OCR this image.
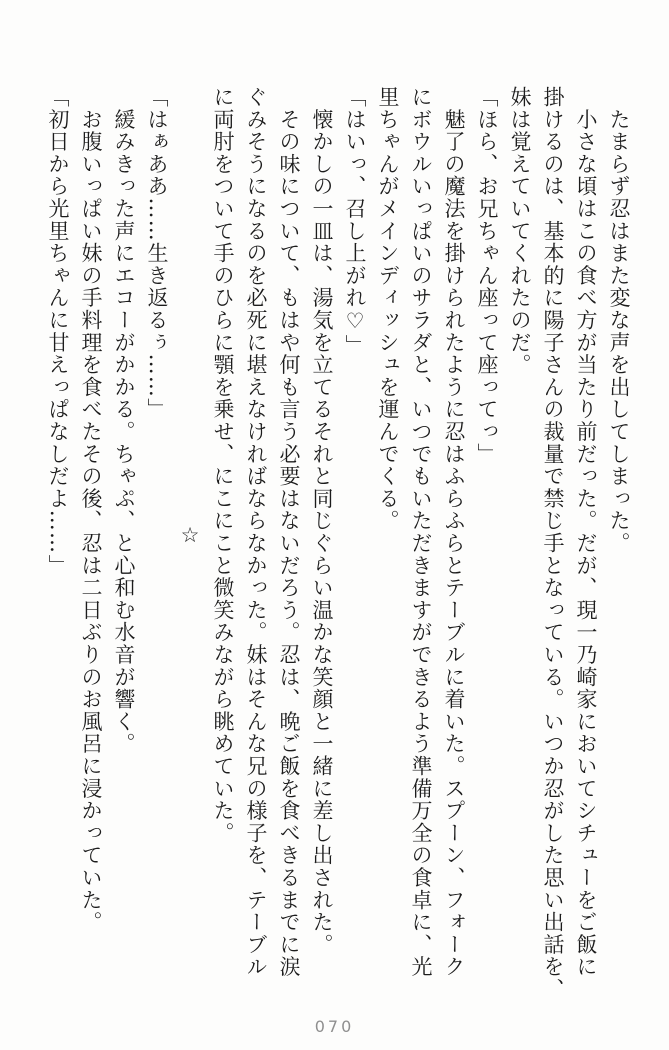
　たまらず忍はまた変な声を出してしまった。

　小さな頃はこの食べ方が当たり前だった。だが、現一乃崎家においてシチューをご飯に

掛けるのは、基本的に陽子さんの裁量で禁じ手となっている。いつか忍がした思い出話を、

妹は覚えていてくれたのだ。

「ほら、お兄ちゃん座って座ってっ」

　魅了の魔法を掛けられたように忍はふらふらとテーブルに着いた。スプーン、フォーク

にボウルいっぱいのサラダと、いつでもいただきますができるよう準備万全の食卓に、光

里ちゃんがメインディッシュを運んでくる。

「はいっ、召し上がれ♡」

　懐かしの一皿は、湯気を立てるそれと同じぐらい温かな笑顔と一緒に差し出された。

　その味について、もはや何も言う必要はないだろう。忍は、晩ご飯を食べきるまでに涙

ぐみそうになるのを必死に堪えなければならなかった。妹はそんな兄の様子を、テーブル

に両肘をついて手のひらに顎を乗せ、にこにこと微笑みながら眺めていた。

☆

「はぁああ……生き返るぅ……」

　緩みきった声にエコーがかかる。ちゃぷ、と心和む水音が響く。

　お腹いっぱい妹の手料理を食べたその後、忍は二日ぶりのお風呂に浸かっていた。

「初日から光里ちゃんに甘えっぱなしだよ……」

070
